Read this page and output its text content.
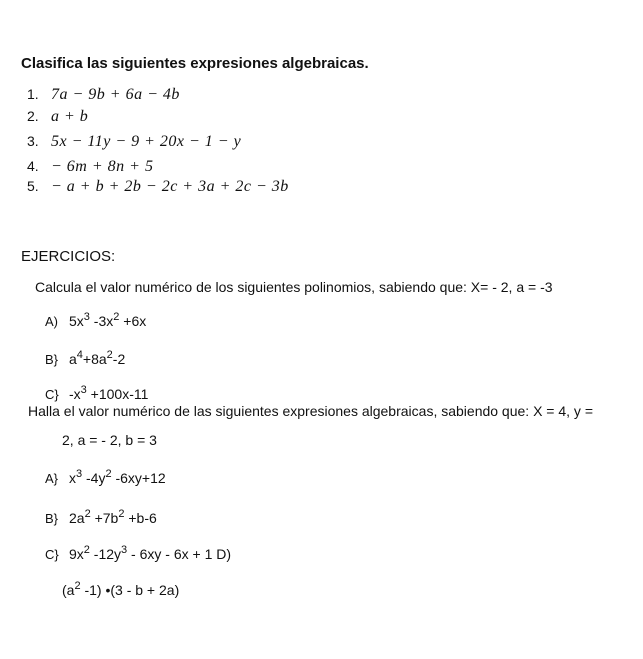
Clasifica las siguientes expresiones algebraicas.
1. 7a − 9b + 6a − 4b
2. a + b
3. 5x − 11y − 9 + 20x − 1 − y
4. − 6m + 8n + 5
5. − a + b + 2b − 2c + 3a + 2c − 3b
EJERCICIOS:
Calcula el valor numérico de los siguientes polinomios, sabiendo que: X= - 2, a = -3
A) $5x^3$ $-3x^2 +6x$
B} $a^4+8a^2-2$
C} $-x^3 +100x-11$
Halla el valor numérico de las siguientes expresiones algebraicas, sabiendo que: X = 4, y =
2, a = - 2, b = 3
A} $x^3$ $-4y^2$ -6xy+12
B} $2a^2 +7b^2 +b-6$
C} $9x^2$ $-12y^3 - 6xy - 6x + 1$ D)
($a^2$ -1) •(3 - b + 2a)
